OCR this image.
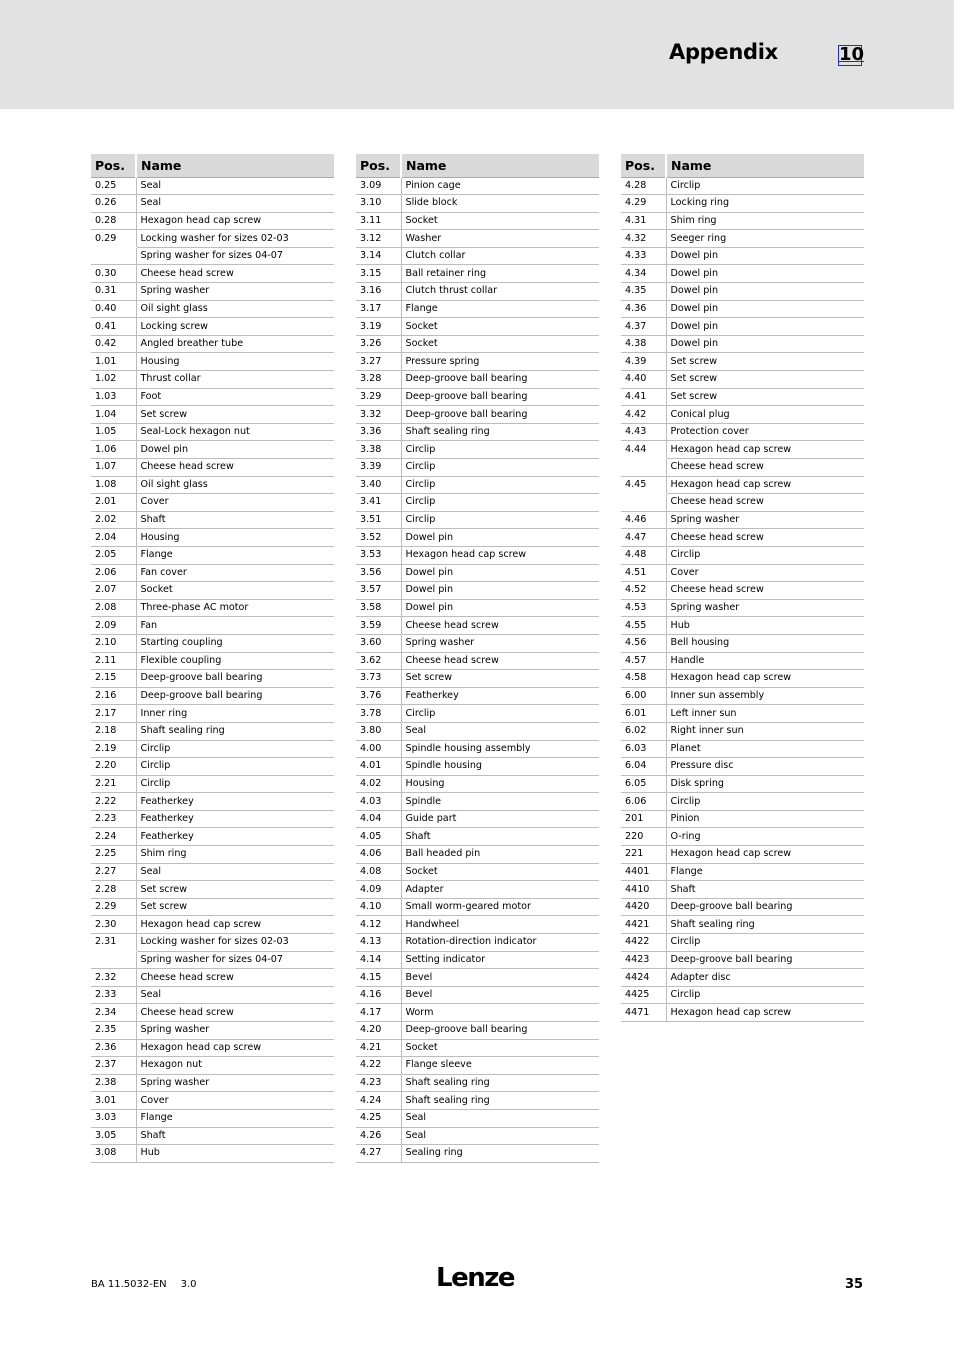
Appendix	10
Pos.	Name
0.25	Seal
0.26	Seal
0.28	Hexagon head cap screw
0.29	Locking washer for sizes 02-03
	Spring washer for sizes 04-07
0.30	Cheese head screw
0.31	Spring washer
0.40	Oil sight glass
0.41	Locking screw
0.42	Angled breather tube
1.01	Housing
1.02	Thrust collar
1.03	Foot
1.04	Set screw
1.05	Seal-Lock hexagon nut
1.06	Dowel pin
1.07	Cheese head screw
1.08	Oil sight glass
2.01	Cover
2.02	Shaft
2.04	Housing
2.05	Flange
2.06	Fan cover
2.07	Socket
2.08	Three-phase AC motor
2.09	Fan
2.10	Starting coupling
2.11	Flexible coupling
2.15	Deep-groove ball bearing
2.16	Deep-groove ball bearing
2.17	Inner ring
2.18	Shaft sealing ring
2.19	Circlip
2.20	Circlip
2.21	Circlip
2.22	Featherkey
2.23	Featherkey
2.24	Featherkey
2.25	Shim ring
2.27	Seal
2.28	Set screw
2.29	Set screw
2.30	Hexagon head cap screw
2.31	Locking washer for sizes 02-03
	Spring washer for sizes 04-07
2.32	Cheese head screw
2.33	Seal
2.34	Cheese head screw
2.35	Spring washer
2.36	Hexagon head cap screw
2.37	Hexagon nut
2.38	Spring washer
3.01	Cover
3.03	Flange
3.05	Shaft
3.08	Hub
Pos.	Name
3.09	Pinion cage
3.10	Slide block
3.11	Socket
3.12	Washer
3.14	Clutch collar
3.15	Ball retainer ring
3.16	Clutch thrust collar
3.17	Flange
3.19	Socket
3.26	Socket
3.27	Pressure spring
3.28	Deep-groove ball bearing
3.29	Deep-groove ball bearing
3.32	Deep-groove ball bearing
3.36	Shaft sealing ring
3.38	Circlip
3.39	Circlip
3.40	Circlip
3.41	Circlip
3.51	Circlip
3.52	Dowel pin
3.53	Hexagon head cap screw
3.56	Dowel pin
3.57	Dowel pin
3.58	Dowel pin
3.59	Cheese head screw
3.60	Spring washer
3.62	Cheese head screw
3.73	Set screw
3.76	Featherkey
3.78	Circlip
3.80	Seal
4.00	Spindle housing assembly
4.01	Spindle housing
4.02	Housing
4.03	Spindle
4.04	Guide part
4.05	Shaft
4.06	Ball headed pin
4.08	Socket
4.09	Adapter
4.10	Small worm-geared motor
4.12	Handwheel
4.13	Rotation-direction indicator
4.14	Setting indicator
4.15	Bevel
4.16	Bevel
4.17	Worm
4.20	Deep-groove ball bearing
4.21	Socket
4.22	Flange sleeve
4.23	Shaft sealing ring
4.24	Shaft sealing ring
4.25	Seal
4.26	Seal
4.27	Sealing ring
Pos.	Name
4.28	Circlip
4.29	Locking ring
4.31	Shim ring
4.32	Seeger ring
4.33	Dowel pin
4.34	Dowel pin
4.35	Dowel pin
4.36	Dowel pin
4.37	Dowel pin
4.38	Dowel pin
4.39	Set screw
4.40	Set screw
4.41	Set screw
4.42	Conical plug
4.43	Protection cover
4.44	Hexagon head cap screw
	Cheese head screw
4.45	Hexagon head cap screw
	Cheese head screw
4.46	Spring washer
4.47	Cheese head screw
4.48	Circlip
4.51	Cover
4.52	Cheese head screw
4.53	Spring washer
4.55	Hub
4.56	Bell housing
4.57	Handle
4.58	Hexagon head cap screw
6.00	Inner sun assembly
6.01	Left inner sun
6.02	Right inner sun
6.03	Planet
6.04	Pressure disc
6.05	Disk spring
6.06	Circlip
201	Pinion
220	O-ring
221	Hexagon head cap screw
4401	Flange
4410	Shaft
4420	Deep-groove ball bearing
4421	Shaft sealing ring
4422	Circlip
4423	Deep-groove ball bearing
4424	Adapter disc
4425	Circlip
4471	Hexagon head cap screw
BA 11.5032-EN 3.0	Lenze	35
